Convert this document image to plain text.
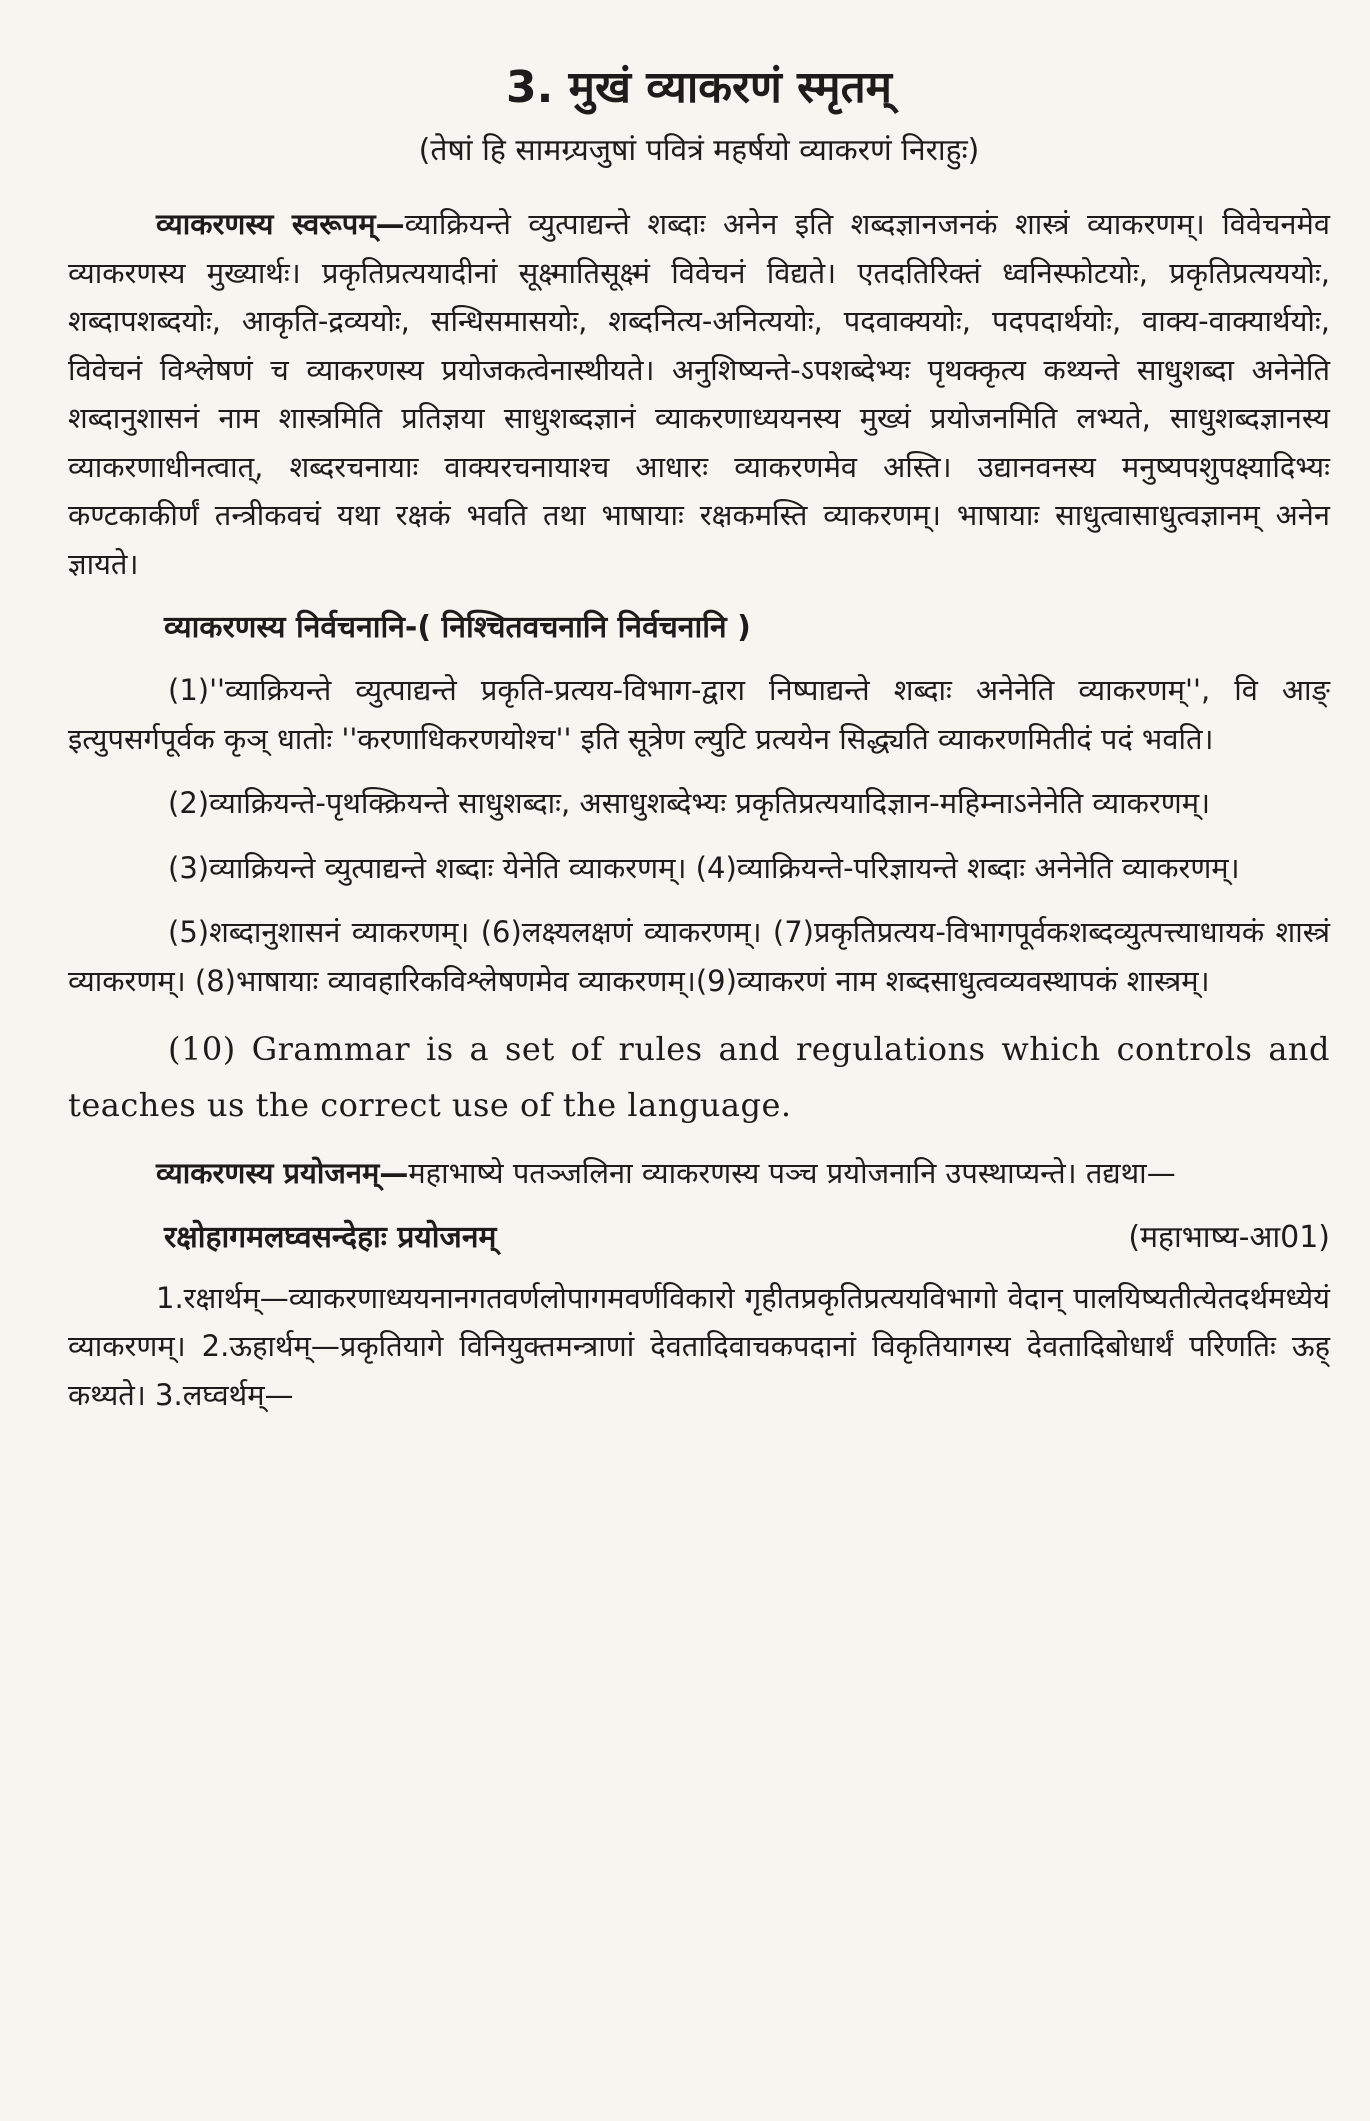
3. मुखं व्याकरणं स्मृतम्
(तेषां हि सामग्र्यजुषां पवित्रं महर्षयो व्याकरणं निराहुः)

व्याकरणस्य स्वरूपम्—व्याक्रियन्ते व्युत्पाद्यन्ते शब्दाः अनेन इति शब्दज्ञानजनकं शास्त्रं व्याकरणम्। विवेचनमेव व्याकरणस्य मुख्यार्थः। प्रकृतिप्रत्ययादीनां सूक्ष्मातिसूक्ष्मं विवेचनं विद्यते। एतदतिरिक्तं ध्वनिस्फोटयोः, प्रकृतिप्रत्यययोः, शब्दापशब्दयोः, आकृति-द्रव्ययोः, सन्धिसमासयोः, शब्दनित्य-अनित्ययोः, पदवाक्ययोः, पदपदार्थयोः, वाक्य-वाक्यार्थयोः, विवेचनं विश्लेषणं च व्याकरणस्य प्रयोजकत्वेनास्थीयते। अनुशिष्यन्ते-ऽपशब्देभ्यः पृथक्कृत्य कथ्यन्ते साधुशब्दा अनेनेति शब्दानुशासनं नाम शास्त्रमिति प्रतिज्ञया साधुशब्दज्ञानं व्याकरणाध्ययनस्य मुख्यं प्रयोजनमिति लभ्यते, साधुशब्दज्ञानस्य व्याकरणाधीनत्वात्, शब्दरचनायाः वाक्यरचनायाश्च आधारः व्याकरणमेव अस्ति। उद्यानवनस्य मनुष्यपशुपक्ष्यादिभ्यः कण्टकाकीर्णं तन्त्रीकवचं यथा रक्षकं भवति तथा भाषायाः रक्षकमस्ति व्याकरणम्। भाषायाः साधुत्वासाधुत्वज्ञानम् अनेन ज्ञायते।

व्याकरणस्य निर्वचनानि-( निश्चितवचनानि निर्वचनानि )

(1)''व्याक्रियन्ते व्युत्पाद्यन्ते प्रकृति-प्रत्यय-विभाग-द्वारा निष्पाद्यन्ते शब्दाः अनेनेति व्याकरणम्'', वि आङ् इत्युपसर्गपूर्वक कृञ् धातोः ''करणाधिकरणयोश्च'' इति सूत्रेण ल्युटि प्रत्ययेन सिद्ध्यति व्याकरणमितीदं पदं भवति।

(2)व्याक्रियन्ते-पृथक्क्रियन्ते साधुशब्दाः, असाधुशब्देभ्यः प्रकृतिप्रत्ययादिज्ञान-महिम्नाऽनेनेति व्याकरणम्।

(3)व्याक्रियन्ते व्युत्पाद्यन्ते शब्दाः येनेति व्याकरणम्। (4)व्याक्रियन्ते-परिज्ञायन्ते शब्दाः अनेनेति व्याकरणम्।

(5)शब्दानुशासनं व्याकरणम्। (6)लक्ष्यलक्षणं व्याकरणम्। (7)प्रकृतिप्रत्यय-विभागपूर्वकशब्दव्युत्पत्त्याधायकं शास्त्रं व्याकरणम्। (8)भाषायाः व्यावहारिकविश्लेषणमेव व्याकरणम्।(9)व्याकरणं नाम शब्दसाधुत्वव्यवस्थापकं शास्त्रम्।

(10) Grammar is a set of rules and regulations which controls and teaches us the correct use of the language.

व्याकरणस्य प्रयोजनम्—महाभाष्ये पतञ्जलिना व्याकरणस्य पञ्च प्रयोजनानि उपस्थाप्यन्ते। तद्यथा—

रक्षोहागमलघ्वसन्देहाः प्रयोजनम्	(महाभाष्य-आ01)

1.रक्षार्थम्—व्याकरणाध्ययनानगतवर्णलोपागमवर्णविकारो गृहीतप्रकृतिप्रत्ययविभागो वेदान् पालयिष्यतीत्येतदर्थमध्येयं व्याकरणम्। 2.ऊहार्थम्—प्रकृतियागे विनियुक्तमन्त्राणां देवतादिवाचकपदानां विकृतियागस्य देवतादिबोधार्थं परिणतिः ऊह् कथ्यते। 3.लघ्वर्थम्—
